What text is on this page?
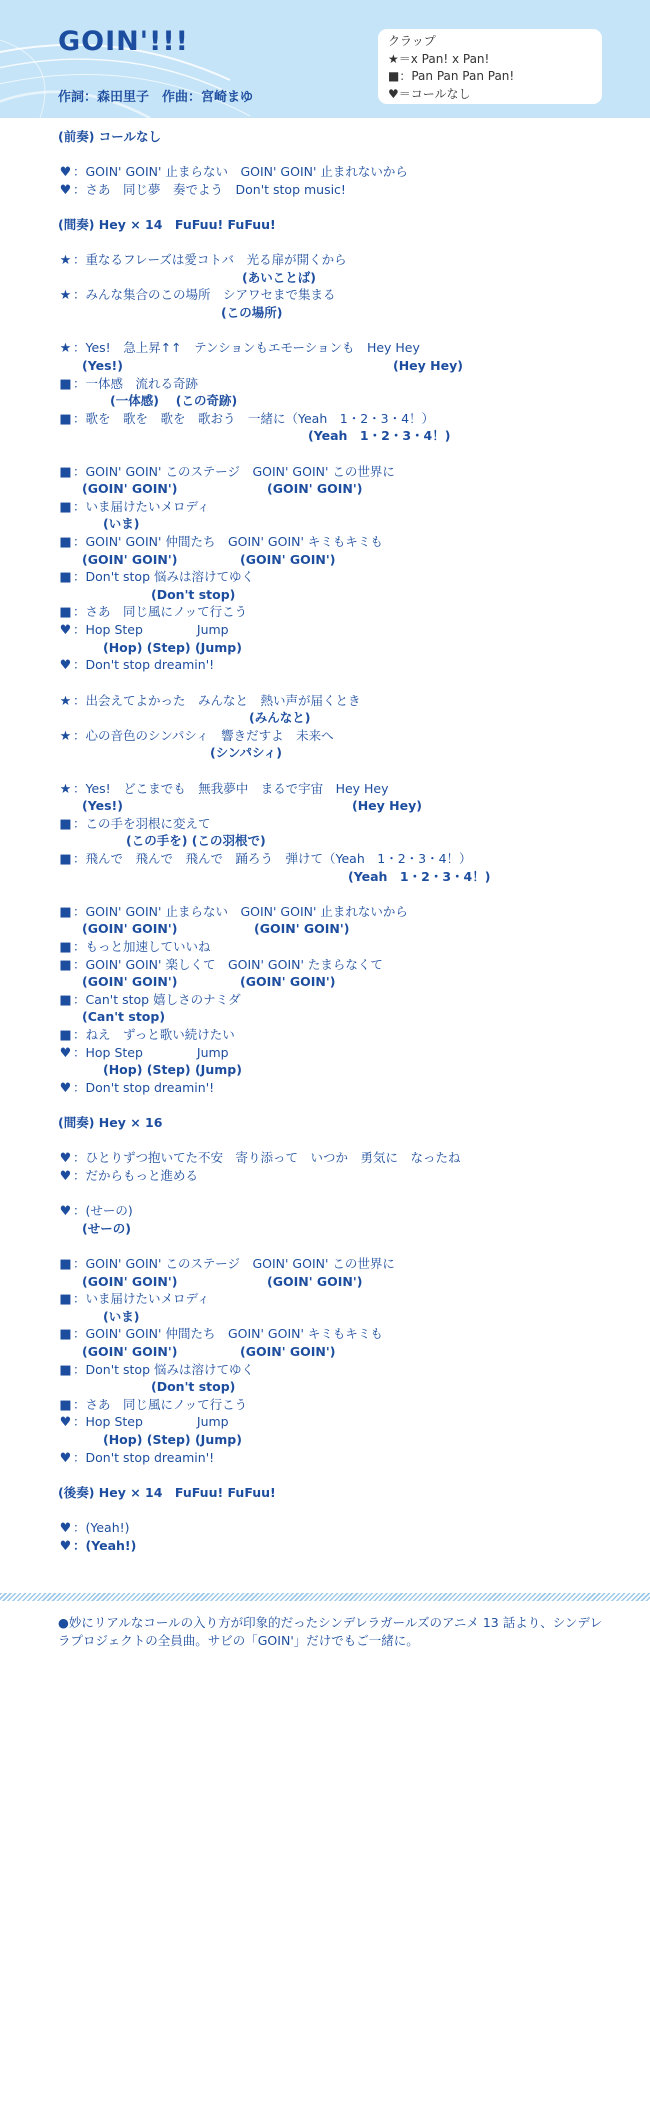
GOIN'!!!
作詞：森田里子　作曲：宮崎まゆ
クラップ
★＝x Pan! x Pan!
■：Pan Pan Pan Pan!
♥＝コールなし
(前奏) コールなし
♥ ：GOIN' GOIN' 止まらない　GOIN' GOIN' 止まれないから
♥ ：さあ　同じ夢　奏でよう　Don't stop music!
(間奏) Hey × 14　FuFuu! FuFuu!
★ ：重なるフレーズは愛コトバ　光る扉が開くから
(あいことば)
★ ：みんな集合のこの場所　シアワセまで集まる
(この場所)
★ ：Yes!　急上昇↑↑　テンションもエモーションも　Hey Hey
(Yes!)	(Hey Hey)
■：一体感　流れる奇跡
(一体感)　 (この奇跡)
■：歌を　歌を　歌を　歌おう　一緒に（Yeah　1・2・3・4！）
(Yeah　1・2・3・4！)
■：GOIN' GOIN' このステージ　GOIN' GOIN' この世界に
(GOIN' GOIN')	(GOIN' GOIN')
■：いま届けたいメロディ
(いま)
■：GOIN' GOIN' 仲間たち　GOIN' GOIN' キミもキミも
(GOIN' GOIN')	(GOIN' GOIN')
■：Don't stop 悩みは溶けてゆく
(Don't stop)
■：さあ　同じ風にノッて行こう
♥ ：Hop Step　　　　 Jump
(Hop) (Step) (Jump)
♥ ：Don't stop dreamin'!
★ ：出会えてよかった　みんなと　熱い声が届くとき
(みんなと)
★ ：心の音色のシンパシィ　響きだすよ　未来へ
(シンパシィ)
★ ：Yes!　どこまでも　無我夢中　まるで宇宙　Hey Hey
(Yes!)	(Hey Hey)
■：この手を羽根に変えて
(この手を) (この羽根で)
■：飛んで　飛んで　飛んで　踊ろう　弾けて（Yeah　1・2・3・4！）
(Yeah　1・2・3・4！)
■：GOIN' GOIN' 止まらない　GOIN' GOIN' 止まれないから
(GOIN' GOIN')	(GOIN' GOIN')
■：もっと加速していいね
■：GOIN' GOIN' 楽しくて　GOIN' GOIN' たまらなくて
(GOIN' GOIN')	(GOIN' GOIN')
■：Can't stop 嬉しさのナミダ
(Can't stop)
■：ねえ　ずっと歌い続けたい
♥ ：Hop Step　　　　 Jump
(Hop) (Step) (Jump)
♥ ：Don't stop dreamin'!
(間奏) Hey × 16
♥ ：ひとりずつ抱いてた不安　寄り添って　いつか　勇気に　なったね
♥ ：だからもっと進める
♥ ：(せーの)
(せーの)
■：GOIN' GOIN' このステージ　GOIN' GOIN' この世界に
(GOIN' GOIN')	(GOIN' GOIN')
■：いま届けたいメロディ
(いま)
■：GOIN' GOIN' 仲間たち　GOIN' GOIN' キミもキミも
(GOIN' GOIN')	(GOIN' GOIN')
■：Don't stop 悩みは溶けてゆく
(Don't stop)
■：さあ　同じ風にノッて行こう
♥ ：Hop Step　　　　 Jump
(Hop) (Step) (Jump)
♥ ：Don't stop dreamin'!
(後奏) Hey × 14　FuFuu! FuFuu!
♥ ：(Yeah!)
♥ ：(Yeah!)
●妙にリアルなコールの入り方が印象的だったシンデレラガールズのアニメ 13 話より、シンデレラプロジェクトの全員曲。サビの「GOIN'」だけでもご一緒に。
